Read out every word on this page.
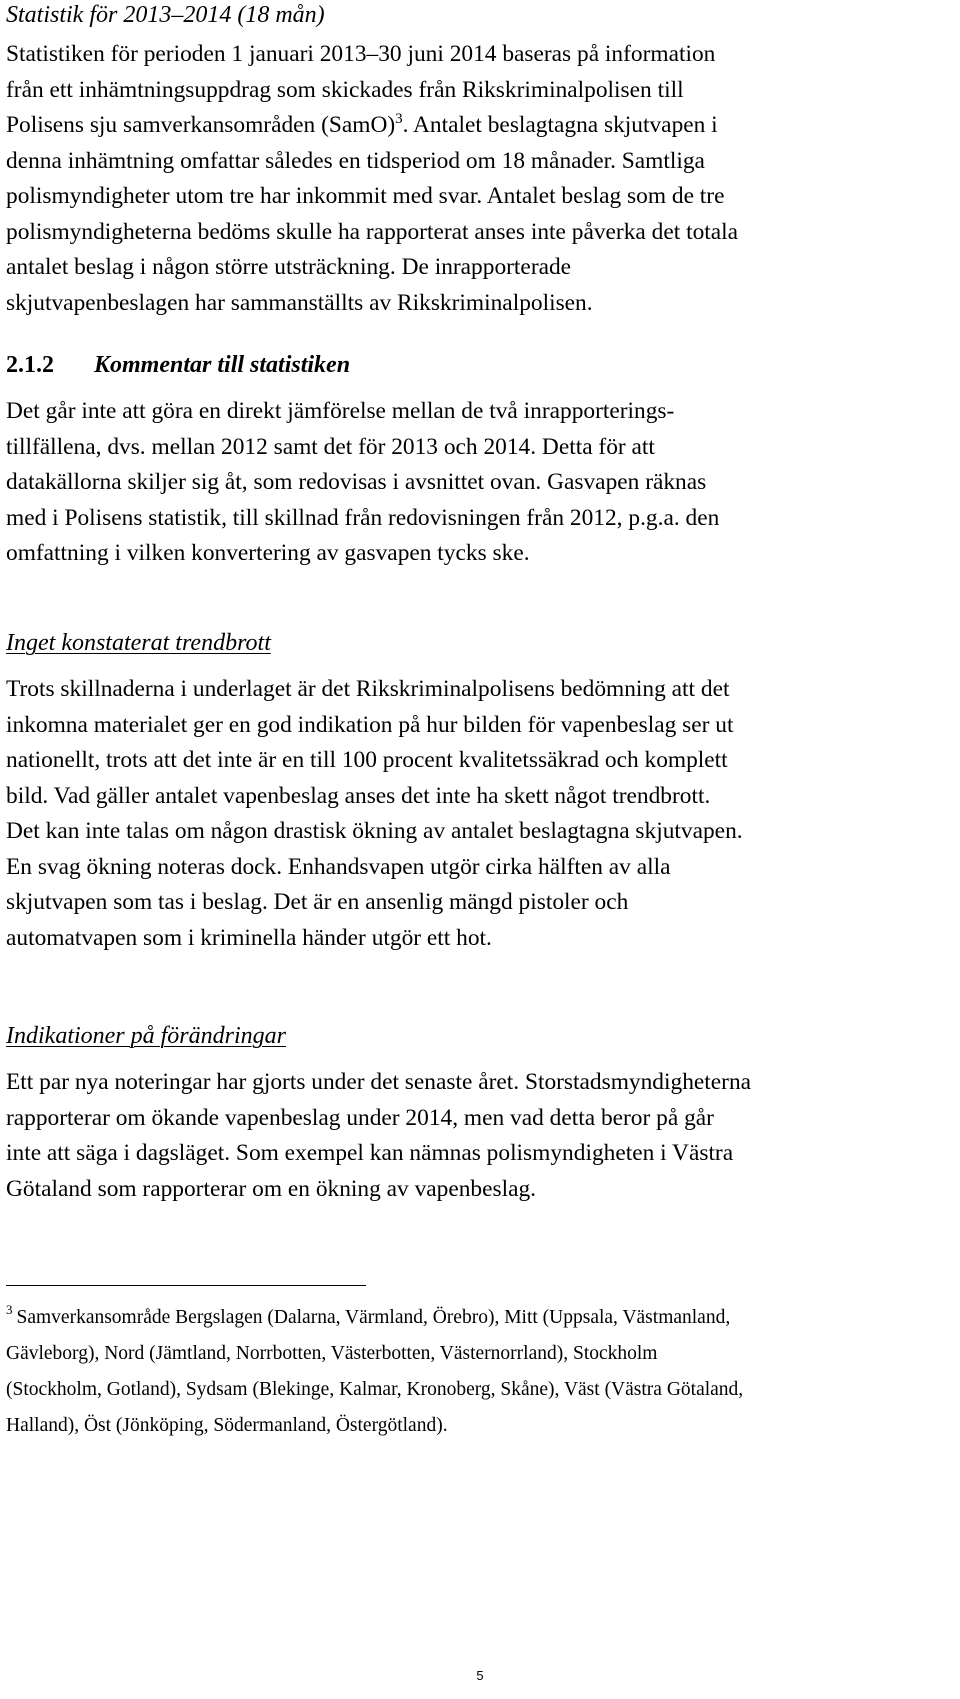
Statistik för 2013–2014 (18 mån)

Statistiken för perioden 1 januari 2013–30 juni 2014 baseras på information
från ett inhämtningsuppdrag som skickades från Rikskriminalpolisen till
Polisens sju samverkansområden (SamO)$^3$. Antalet beslagtagna skjutvapen i
denna inhämtning omfattar således en tidsperiod om 18 månader. Samtliga
polismyndigheter utom tre har inkommit med svar. Antalet beslag som de tre
polismyndigheterna bedöms skulle ha rapporterat anses inte påverka det totala
antalet beslag i någon större utsträckning. De inrapporterade
skjutvapenbeslagen har sammanställts av Rikskriminalpolisen.

2.1.2 Kommentar till statistiken

Det går inte att göra en direkt jämförelse mellan de två inrapporterings-
tillfällena, dvs. mellan 2012 samt det för 2013 och 2014. Detta för att
datakällorna skiljer sig åt, som redovisas i avsnittet ovan. Gasvapen räknas
med i Polisens statistik, till skillnad från redovisningen från 2012, p.g.a. den
omfattning i vilken konvertering av gasvapen tycks ske.

Inget konstaterat trendbrott

Trots skillnaderna i underlaget är det Rikskriminalpolisens bedömning att det
inkomna materialet ger en god indikation på hur bilden för vapenbeslag ser ut
nationellt, trots att det inte är en till 100 procent kvalitetssäkrad och komplett
bild. Vad gäller antalet vapenbeslag anses det inte ha skett något trendbrott.
Det kan inte talas om någon drastisk ökning av antalet beslagtagna skjutvapen.
En svag ökning noteras dock. Enhandsvapen utgör cirka hälften av alla
skjutvapen som tas i beslag. Det är en ansenlig mängd pistoler och
automatvapen som i kriminella händer utgör ett hot.

Indikationer på förändringar

Ett par nya noteringar har gjorts under det senaste året. Storstadsmyndigheterna
rapporterar om ökande vapenbeslag under 2014, men vad detta beror på går
inte att säga i dagsläget. Som exempel kan nämnas polismyndigheten i Västra
Götaland som rapporterar om en ökning av vapenbeslag.

$^3$ Samverkansområde Bergslagen (Dalarna, Värmland, Örebro), Mitt (Uppsala, Västmanland,
Gävleborg), Nord (Jämtland, Norrbotten, Västerbotten, Västernorrland), Stockholm
(Stockholm, Gotland), Sydsam (Blekinge, Kalmar, Kronoberg, Skåne), Väst (Västra Götaland,
Halland), Öst (Jönköping, Södermanland, Östergötland).

5
